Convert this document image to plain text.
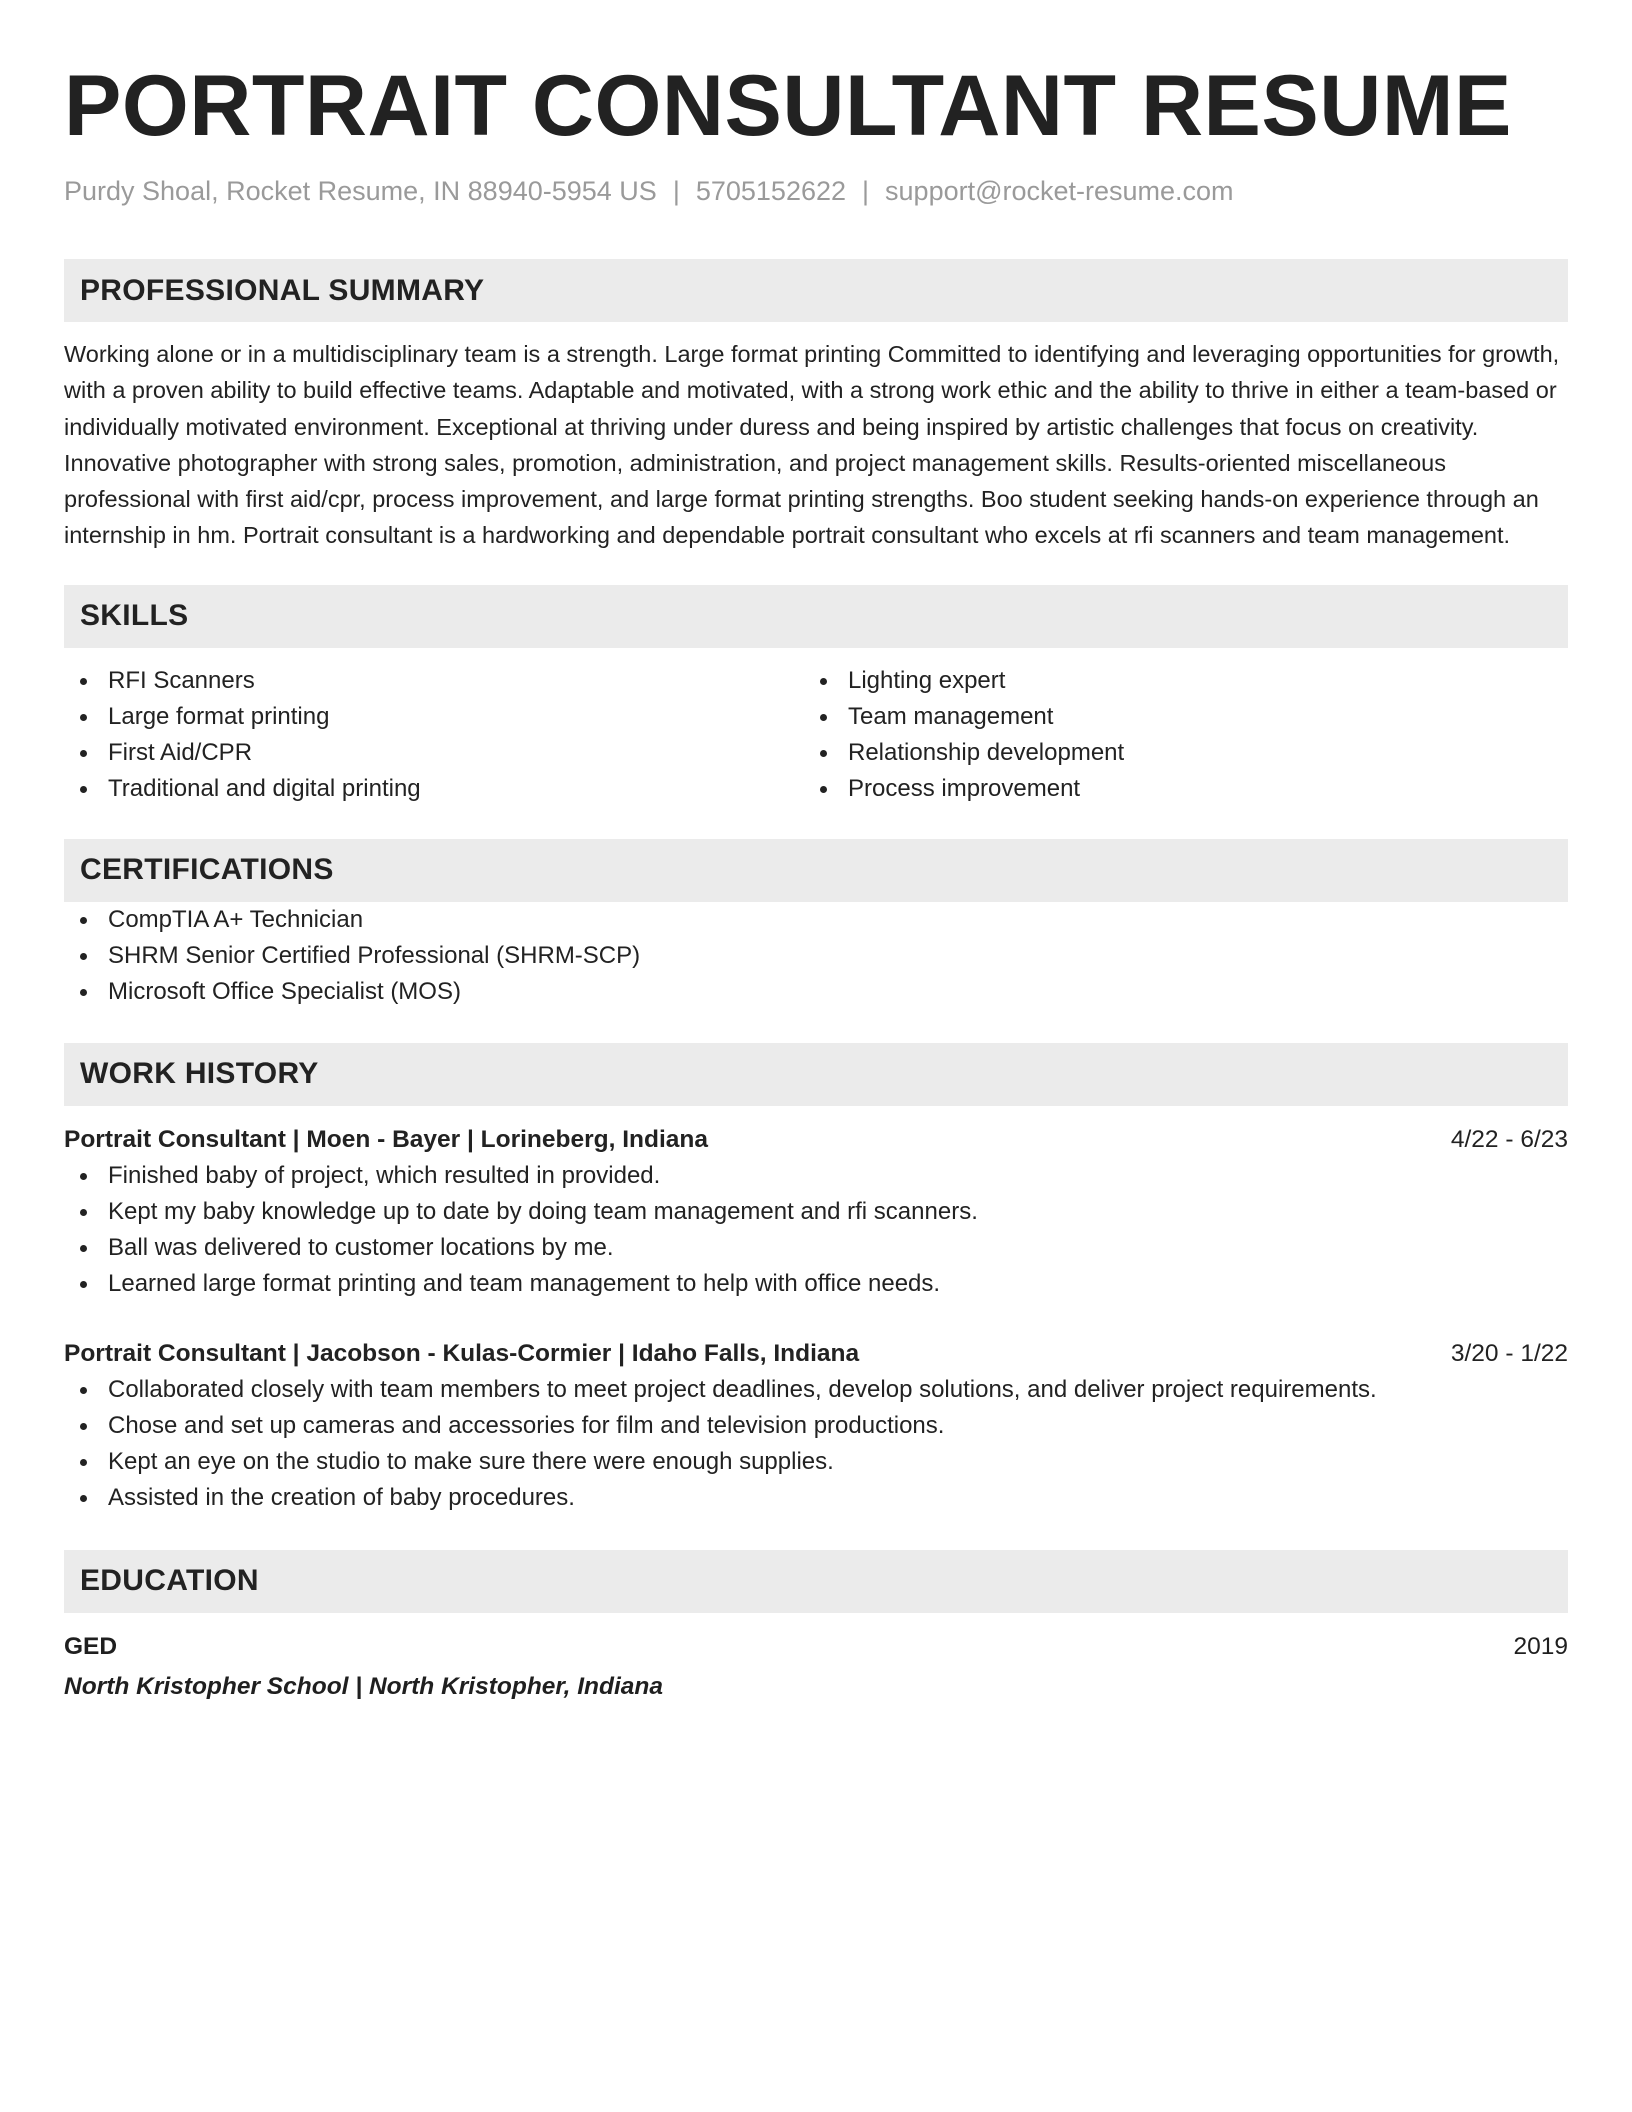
PORTRAIT CONSULTANT RESUME
Purdy Shoal, Rocket Resume, IN 88940-5954 US | 5705152622 | support@rocket-resume.com
PROFESSIONAL SUMMARY
Working alone or in a multidisciplinary team is a strength. Large format printing Committed to identifying and leveraging opportunities for growth, with a proven ability to build effective teams. Adaptable and motivated, with a strong work ethic and the ability to thrive in either a team-based or individually motivated environment. Exceptional at thriving under duress and being inspired by artistic challenges that focus on creativity. Innovative photographer with strong sales, promotion, administration, and project management skills. Results-oriented miscellaneous professional with first aid/cpr, process improvement, and large format printing strengths. Boo student seeking hands-on experience through an internship in hm. Portrait consultant is a hardworking and dependable portrait consultant who excels at rfi scanners and team management.
SKILLS
RFI Scanners
Large format printing
First Aid/CPR
Traditional and digital printing
Lighting expert
Team management
Relationship development
Process improvement
CERTIFICATIONS
CompTIA A+ Technician
SHRM Senior Certified Professional (SHRM-SCP)
Microsoft Office Specialist (MOS)
WORK HISTORY
Portrait Consultant | Moen - Bayer | Lorineberg, Indiana	4/22 - 6/23
Finished baby of project, which resulted in provided.
Kept my baby knowledge up to date by doing team management and rfi scanners.
Ball was delivered to customer locations by me.
Learned large format printing and team management to help with office needs.
Portrait Consultant | Jacobson - Kulas-Cormier | Idaho Falls, Indiana	3/20 - 1/22
Collaborated closely with team members to meet project deadlines, develop solutions, and deliver project requirements.
Chose and set up cameras and accessories for film and television productions.
Kept an eye on the studio to make sure there were enough supplies.
Assisted in the creation of baby procedures.
EDUCATION
GED	2019
North Kristopher School | North Kristopher, Indiana
